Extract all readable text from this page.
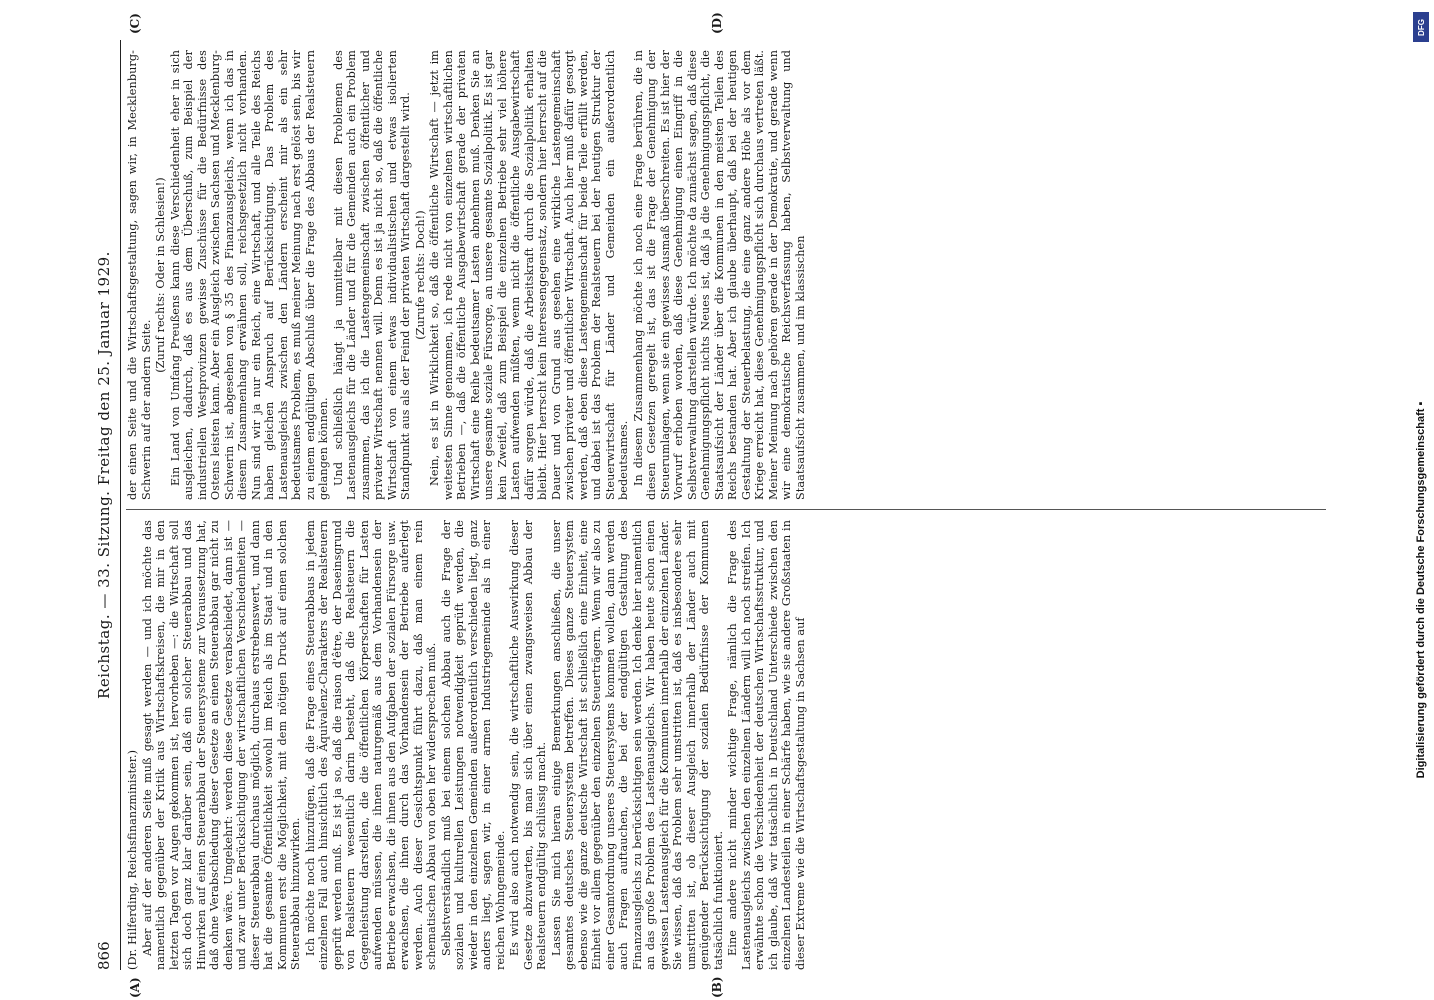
866
Reichstag. — 33. Sitzung. Freitag den 25. Januar 1929.
(A)	(B)
(C)	(D)

(Dr. Hilferding, Reichsfinanzminister.) Aber auf der anderen Seite muß gesagt werden — und ich möchte das namentlich gegenüber der Kritik aus Wirtschaftskreisen, die mir in den letzten Tagen vor Augen gekommen ist, hervorheben —: die Wirtschaft soll sich doch ganz klar darüber sein, daß ein solcher Steuerabbau und das Hinwirken auf einen Steuerabbau der Steuersysteme zur Voraussetzung hat, daß ohne Verabschiedung dieser Gesetze an einen Steuerabbau gar nicht zu denken wäre. Umgekehrt: werden diese Gesetze verabschiedet, dann ist — und zwar unter Berücksichtigung der wirtschaftlichen Verschiedenheiten — dieser Steuerabbau durchaus möglich, durchaus erstrebenswert, und dann hat die gesamte Öffentlichkeit sowohl im Reich als im Staat und in den Kommunen erst die Möglichkeit, mit dem nötigen Druck auf einen solchen Steuerabbau hinzuwirken. Ich möchte noch hinzufügen, daß die Frage eines Steuerabbaus in jedem einzelnen Fall auch hinsichtlich des Äquivalenz-Charakters der Realsteuern geprüft werden muß. Es ist ja so, daß die raison d'être, der Daseinsgrund von Realsteuern wesentlich darin besteht, daß die Realsteuern die Gegenleistung darstellen, die die öffentlichen Körperschaften für Lasten aufwenden müssen, die ihnen naturgemäß aus dem Vorhandensein der Betriebe erwachsen, die ihnen aus den Aufgaben der sozialen Fürsorge usw. erwachsen, die ihnen durch das Vorhandensein der Betriebe auferlegt werden. Auch dieser Gesichtspunkt führt dazu, daß man einem rein schematischen Abbau von oben her widersprechen muß. Selbstverständlich muß bei einem solchen Abbau auch die Frage der sozialen und kulturellen Leistungen notwendigkeit geprüft werden, die wieder in den einzelnen Gemeinden außerordentlich verschieden liegt, ganz anders liegt, sagen wir, in einer armen Industriegemeinde als in einer reichen Wohngemeinde. Es wird also auch notwendig sein, die wirtschaftliche Auswirkung dieser Gesetze abzuwarten, bis man sich über einen zwangsweisen Abbau der Realsteuern endgültig schlüssig macht. Lassen Sie mich hieran einige Bemerkungen anschließen, die unser gesamtes deutsches Steuersystem betreffen. Dieses ganze Steuersystem ebenso wie die ganze deutsche Wirtschaft ist schließlich eine Einheit, eine Einheit vor allem gegenüber den einzelnen Steuerträgern. Wenn wir also zu einer Gesamtordnung unseres Steuersystems kommen wollen, dann werden auch Fragen auftauchen, die bei der endgültigen Gestaltung des Finanzausgleichs zu berücksichtigen sein werden. Ich denke hier namentlich an das große Problem des Lastenausgleichs. Wir haben heute schon einen gewissen Lastenausgleich für die Kommunen innerhalb der einzelnen Länder. Sie wissen, daß das Problem sehr umstritten ist, daß es insbesondere sehr umstritten ist, ob dieser Ausgleich innerhalb der Länder auch mit genügender Berücksichtigung der sozialen Bedürfnisse der Kommunen tatsächlich funktioniert. Eine andere nicht minder wichtige Frage, nämlich die Frage des Lastenausgleichs zwischen den einzelnen Ländern will ich noch streifen. Ich erwähnte schon die Verschiedenheit der deutschen Wirtschaftsstruktur, und ich glaube, daß wir tatsächlich in Deutschland Unterschiede zwischen den einzelnen Landesteilen in einer Schärfe haben, wie sie andere Großstaaten in dieser Extreme wie die Wirtschaftsgestaltung in Sachsen auf

der einen Seite und die Wirtschaftsgestaltung, sagen wir, in Mecklenburg-Schwerin auf der andern Seite.

(Zuruf rechts: Oder in Schlesien!) Ein Land von Umfang Preußens kann diese Verschiedenheit eher in sich ausgleichen, dadurch, daß es aus dem Überschuß, zum Beispiel der industriellen Westprovinzen gewisse Zuschüsse für die Bedürfnisse des Ostens leisten kann. Aber ein Ausgleich zwischen Sachsen und Mecklenburg-Schwerin ist, abgesehen von § 35 des Finanzausgleichs, wenn ich das in diesem Zusammenhang erwähnen soll, reichsgesetzlich nicht vorhanden. Nun sind wir ja nur ein Reich, eine Wirtschaft, und alle Teile des Reichs haben gleichen Anspruch auf Berücksichtigung. Das Problem des Lastenausgleichs zwischen den Ländern erscheint mir als ein sehr bedeutsames Problem, es muß meiner Meinung nach erst gelöst sein, bis wir zu einem endgültigen Abschluß über die Frage des Abbaus der Realsteuern gelangen können. Und schließlich hängt ja unmittelbar mit diesen Problemen des Lastenausgleichs für die Länder und für die Gemeinden auch ein Problem zusammen, das ich die Lastengemeinschaft zwischen öffentlicher und privater Wirtschaft nennen will. Denn es ist ja nicht so, daß die öffentliche Wirtschaft von einem etwas individualistischen und etwas isolierten Standpunkt aus als der Feind der privaten Wirtschaft dargestellt wird. (Zurufe rechts: Doch!) Nein, es ist in Wirklichkeit so, daß die öffentliche Wirtschaft — jetzt im weitesten Sinne genommen, ich rede nicht von einzelnen wirtschaftlichen Betrieben —, daß die öffentliche Ausgabewirtschaft gerade der privaten Wirtschaft eine Reihe bedeutsamer Lasten abnehmen muß. Denken Sie an unsere gesamte soziale Fürsorge, an unsere gesamte Sozialpolitik. Es ist gar kein Zweifel, daß zum Beispiel die einzelnen Betriebe sehr viel höhere Lasten aufwenden müßten, wenn nicht die öffentliche Ausgabewirtschaft dafür sorgen würde, daß die Arbeitskraft durch die Sozialpolitik erhalten bleibt. Hier herrscht kein Interessengegensatz, sondern hier herrscht auf die Dauer und von Grund aus gesehen eine wirkliche Lastengemeinschaft zwischen privater und öffentlicher Wirtschaft. Auch hier muß dafür gesorgt werden, daß eben diese Lastengemeinschaft für beide Teile erfüllt werden, und dabei ist das Problem der Realsteuern bei der heutigen Struktur der Steuerwirtschaft für Länder und Gemeinden ein außerordentlich bedeutsames. In diesem Zusammenhang möchte ich noch eine Frage berühren, die in diesen Gesetzen geregelt ist, das ist die Frage der Genehmigung der Steuerumlagen, wenn sie ein gewisses Ausmaß überschreiten. Es ist hier der Vorwurf erhoben worden, daß diese Genehmigung einen Eingriff in die Selbstverwaltung darstellen würde. Ich möchte da zunächst sagen, daß diese Genehmigungspflicht nichts Neues ist, daß ja die Genehmigungspflicht, die Staatsaufsicht der Länder über die Kommunen in den meisten Teilen des Reichs bestanden hat. Aber ich glaube überhaupt, daß bei der heutigen Gestaltung der Steuerbelastung, die eine ganz andere Höhe als vor dem Kriege erreicht hat, diese Genehmigungspflicht sich durchaus vertreten läßt. Meiner Meinung nach gehören gerade in der Demokratie, und gerade wenn wir eine demokratische Reichsverfassung haben, Selbstverwaltung und Staatsaufsicht zusammen, und im klassischen

DFG
Digitalisierung gefördert durch die Deutsche Forschungsgemeinschaft ▪
